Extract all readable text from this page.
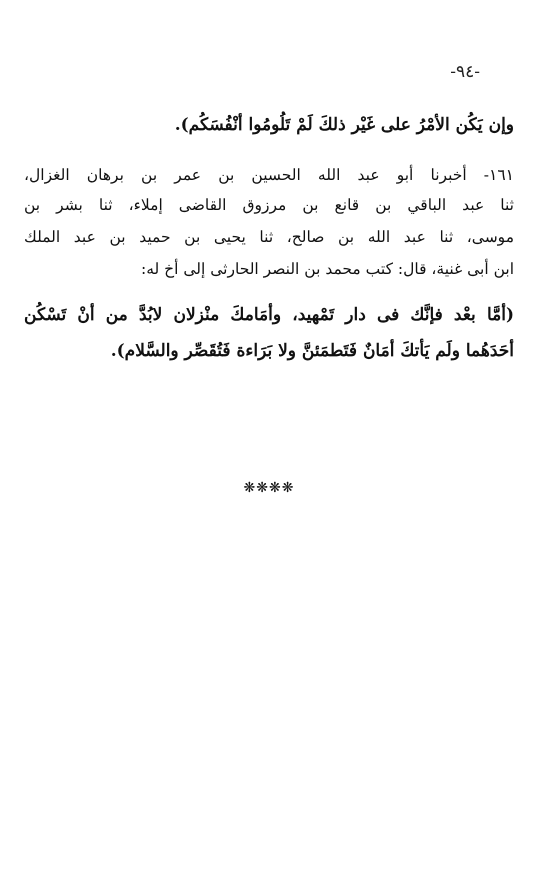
-٩٤-
وإن يَكُن الأمْرُ على غَيْر ذلكَ لَمْ تَلُومُوا أنْفُسَكُم).
١٦١- أخبرنا أبو عبد الله الحسين بن عمر بن برهان الغزال،
ثنا عبد الباقي بن قانع بن مرزوق القاضى إملاء، ثنا بشر بن
موسى، ثنا عبد الله بن صالح، ثنا يحيى بن حميد بن عبد الملك
ابن أبى غنية، قال: كتب محمد بن النصر الحارثى إلى أخ له:
(أمَّا بعْد فإنَّك فى دار تَمْهيد، وأمَامكَ منْزلان لابُدَّ من أنْ تَسْكُن
أحَدَهُما ولَم يَأتكَ أمَانٌ فَتَطمَئنَّ ولا بَرَاءة فَتُقَصِّر والسَّلام).
❋❋❋❋
